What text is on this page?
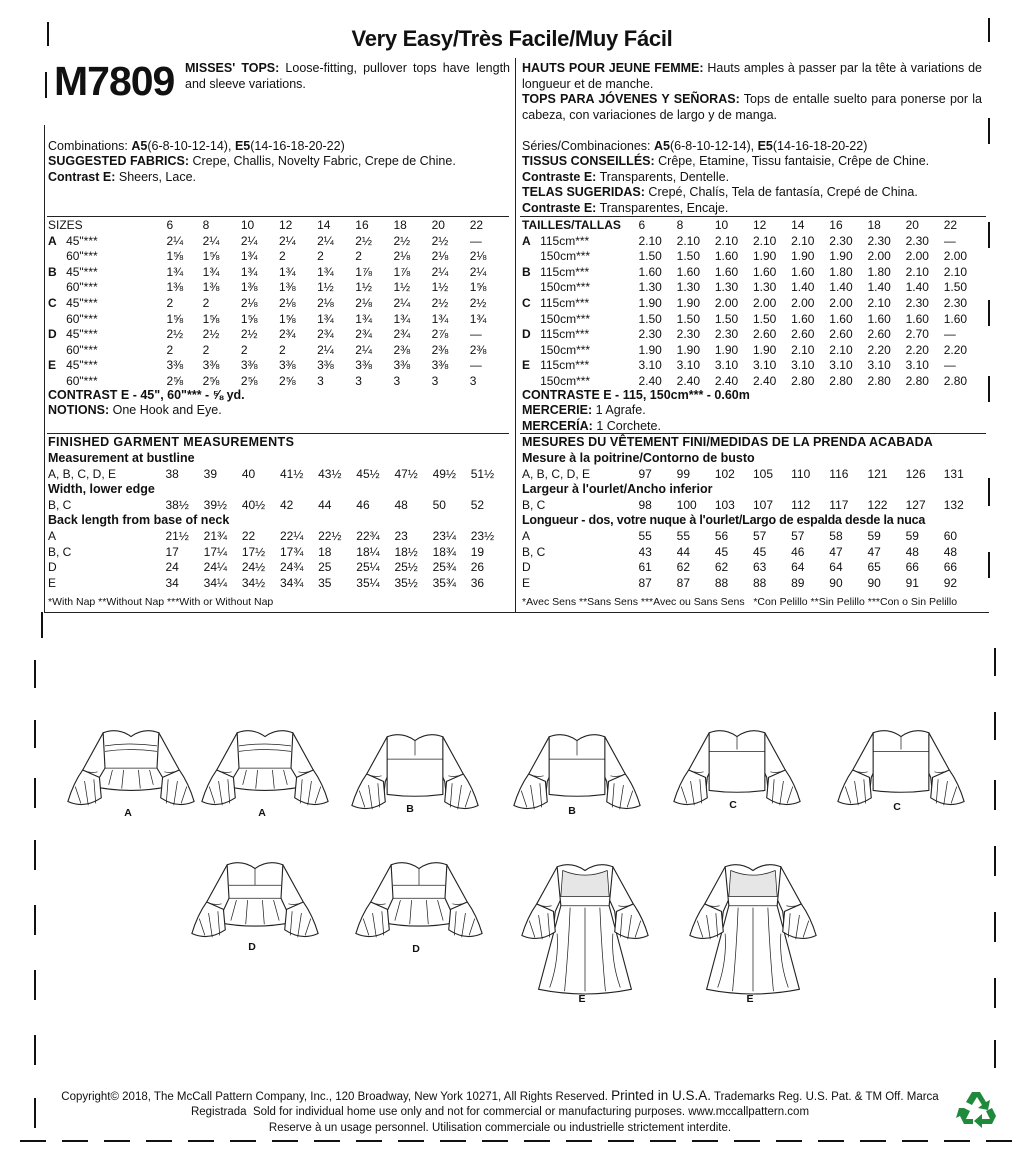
Very Easy/Très Facile/Muy Fácil
M7809 MISSES' TOPS: Loose-fitting, pullover tops have length and sleeve variations.
HAUTS POUR JEUNE FEMME: Hauts amples à passer par la tête à variations de longueur et de manche.
TOPS PARA JÓVENES Y SEÑORAS: Tops de entalle suelto para ponerse por la cabeza, con variaciones de largo y de manga.
Combinations: A5(6-8-10-12-14), E5(14-16-18-20-22)
SUGGESTED FABRICS: Crepe, Challis, Novelty Fabric, Crepe de Chine.
Contrast E: Sheers, Lace.
SIZES		6	8	10	12	14	16	18	20	22
A	45"***	2¼	2¼	2¼	2¼	2¼	2½	2½	2½	—
	60"***	1⅝	1⅝	1¾	2	2	2	2⅛	2⅛	2⅛
B	45"***	1¾	1¾	1¾	1¾	1¾	1⅞	1⅞	2¼	2¼
	60"***	1⅜	1⅜	1⅜	1⅜	1½	1½	1½	1½	1⅝
C	45"***	2	2	2⅛	2⅛	2⅛	2⅛	2¼	2½	2½
	60"***	1⅝	1⅝	1⅝	1⅝	1¾	1¾	1¾	1¾	1¾
D	45"***	2½	2½	2½	2¾	2¾	2¾	2¾	2⅞	—
	60"***	2	2	2	2	2¼	2¼	2⅜	2⅜	2⅜
E	45"***	3⅜	3⅜	3⅜	3⅜	3⅜	3⅜	3⅜	3⅜	—
	60"***	2⅝	2⅝	2⅝	2⅝	3	3	3	3	3
CONTRAST E - 45", 60"*** - ⅝ yd.
NOTIONS: One Hook and Eye.
FINISHED GARMENT MEASUREMENTS
Measurement at bustline
A, B, C, D, E	38	39	40	41½	43½	45½	47½	49½	51½
Width, lower edge
B, C	38½	39½	40½	42	44	46	48	50	52
Back length from base of neck
A	21½	21¾	22	22¼	22½	22¾	23	23¼	23½
B, C	17	17¼	17½	17¾	18	18¼	18½	18¾	19
D	24	24¼	24½	24¾	25	25¼	25½	25¾	26
E	34	34¼	34½	34¾	35	35¼	35½	35¾	36
*With Nap **Without Nap ***With or Without Nap
Séries/Combinaciones: A5(6-8-10-12-14), E5(14-16-18-20-22)
TISSUS CONSEILLÉS: Crêpe, Etamine, Tissu fantaisie, Crêpe de Chine.
Contraste E: Transparents, Dentelle.
TELAS SUGERIDAS: Crepé, Chalís, Tela de fantasía, Crepé de China.
Contraste E: Transparentes, Encaje.
TAILLES/TALLAS		6	8	10	12	14	16	18	20	22
A	115cm***	2.10	2.10	2.10	2.10	2.10	2.30	2.30	2.30	—
	150cm***	1.50	1.50	1.60	1.90	1.90	1.90	2.00	2.00	2.00
B	115cm***	1.60	1.60	1.60	1.60	1.60	1.80	1.80	2.10	2.10
	150cm***	1.30	1.30	1.30	1.30	1.40	1.40	1.40	1.40	1.50
C	115cm***	1.90	1.90	2.00	2.00	2.00	2.00	2.10	2.30	2.30
	150cm***	1.50	1.50	1.50	1.50	1.60	1.60	1.60	1.60	1.60
D	115cm***	2.30	2.30	2.30	2.60	2.60	2.60	2.60	2.70	—
	150cm***	1.90	1.90	1.90	1.90	2.10	2.10	2.20	2.20	2.20
E	115cm***	3.10	3.10	3.10	3.10	3.10	3.10	3.10	3.10	—
	150cm***	2.40	2.40	2.40	2.40	2.80	2.80	2.80	2.80	2.80
CONTRASTE E - 115, 150cm*** - 0.60m
MERCERIE: 1 Agrafe.
MERCERÍA: 1 Corchete.
MESURES DU VÊTEMENT FINI/MEDIDAS DE LA PRENDA ACABADA
Mesure à la poitrine/Contorno de busto
A, B, C, D, E	97	99	102	105	110	116	121	126	131
Largeur à l'ourlet/Ancho inferior
B, C	98	100	103	107	112	117	122	127	132
Longueur - dos, votre nuque à l'ourlet/Largo de espalda desde la nuca
A	55	55	56	57	57	58	59	59	60
B, C	43	44	45	45	46	47	47	48	48
D	61	62	62	63	64	64	65	66	66
E	87	87	88	88	89	90	90	91	92
*Avec Sens **Sans Sens ***Avec ou Sans Sens   *Con Pelillo **Sin Pelillo ***Con o Sin Pelillo
A	A	B	B	C	C
D	D
E	E
Copyright© 2018, The McCall Pattern Company, Inc., 120 Broadway, New York 10271, All Rights Reserved. Printed in U.S.A. Trademarks Reg. U.S. Pat. & TM Off. Marca
Registrada  Sold for individual home use only and not for commercial or manufacturing purposes. www.mccallpattern.com
Reserve à un usage personnel. Utilisation commerciale ou industrielle strictement interdite.
